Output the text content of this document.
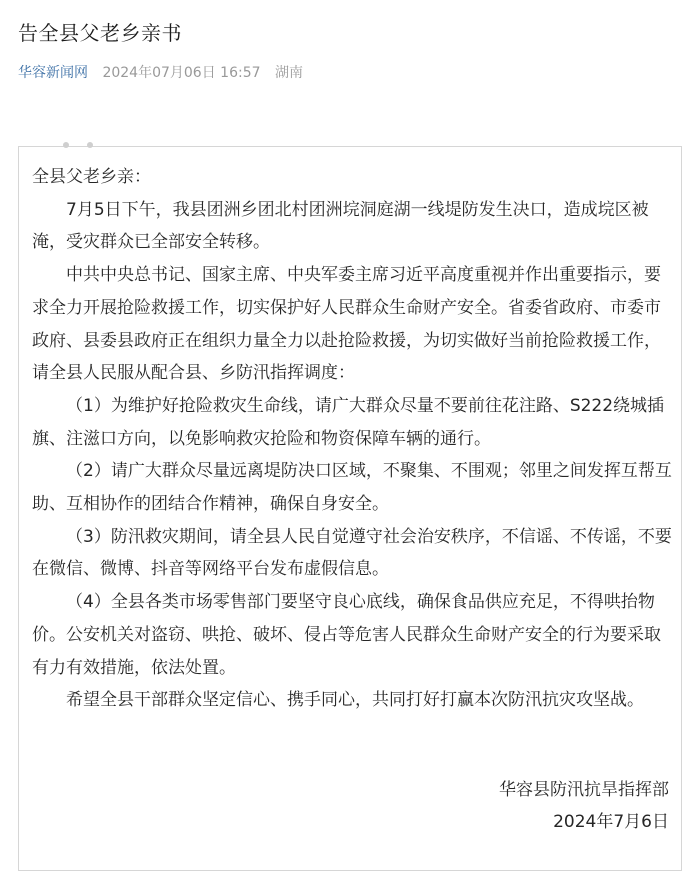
告全县父老乡亲书
华容新闻网 2024年07月06日 16:57 湖南

全县父老乡亲：

7月5日下午，我县团洲乡团北村团洲垸洞庭湖一线堤防发生决口，造成垸区被淹，受灾群众已全部安全转移。

中共中央总书记、国家主席、中央军委主席习近平高度重视并作出重要指示，要求全力开展抢险救援工作，切实保护好人民群众生命财产安全。省委省政府、市委市政府、县委县政府正在组织力量全力以赴抢险救援，为切实做好当前抢险救援工作，请全县人民服从配合县、乡防汛指挥调度：

（1）为维护好抢险救灾生命线，请广大群众尽量不要前往花注路、S222绕城插旗、注滋口方向，以免影响救灾抢险和物资保障车辆的通行。

（2）请广大群众尽量远离堤防决口区域，不聚集、不围观；邻里之间发挥互帮互助、互相协作的团结合作精神，确保自身安全。

（3）防汛救灾期间，请全县人民自觉遵守社会治安秩序，不信谣、不传谣，不要在微信、微博、抖音等网络平台发布虚假信息。

（4）全县各类市场零售部门要坚守良心底线，确保食品供应充足，不得哄抬物价。公安机关对盗窃、哄抢、破坏、侵占等危害人民群众生命财产安全的行为要采取有力有效措施，依法处置。

希望全县干部群众坚定信心、携手同心，共同打好打赢本次防汛抗灾攻坚战。

华容县防汛抗旱指挥部
2024年7月6日
